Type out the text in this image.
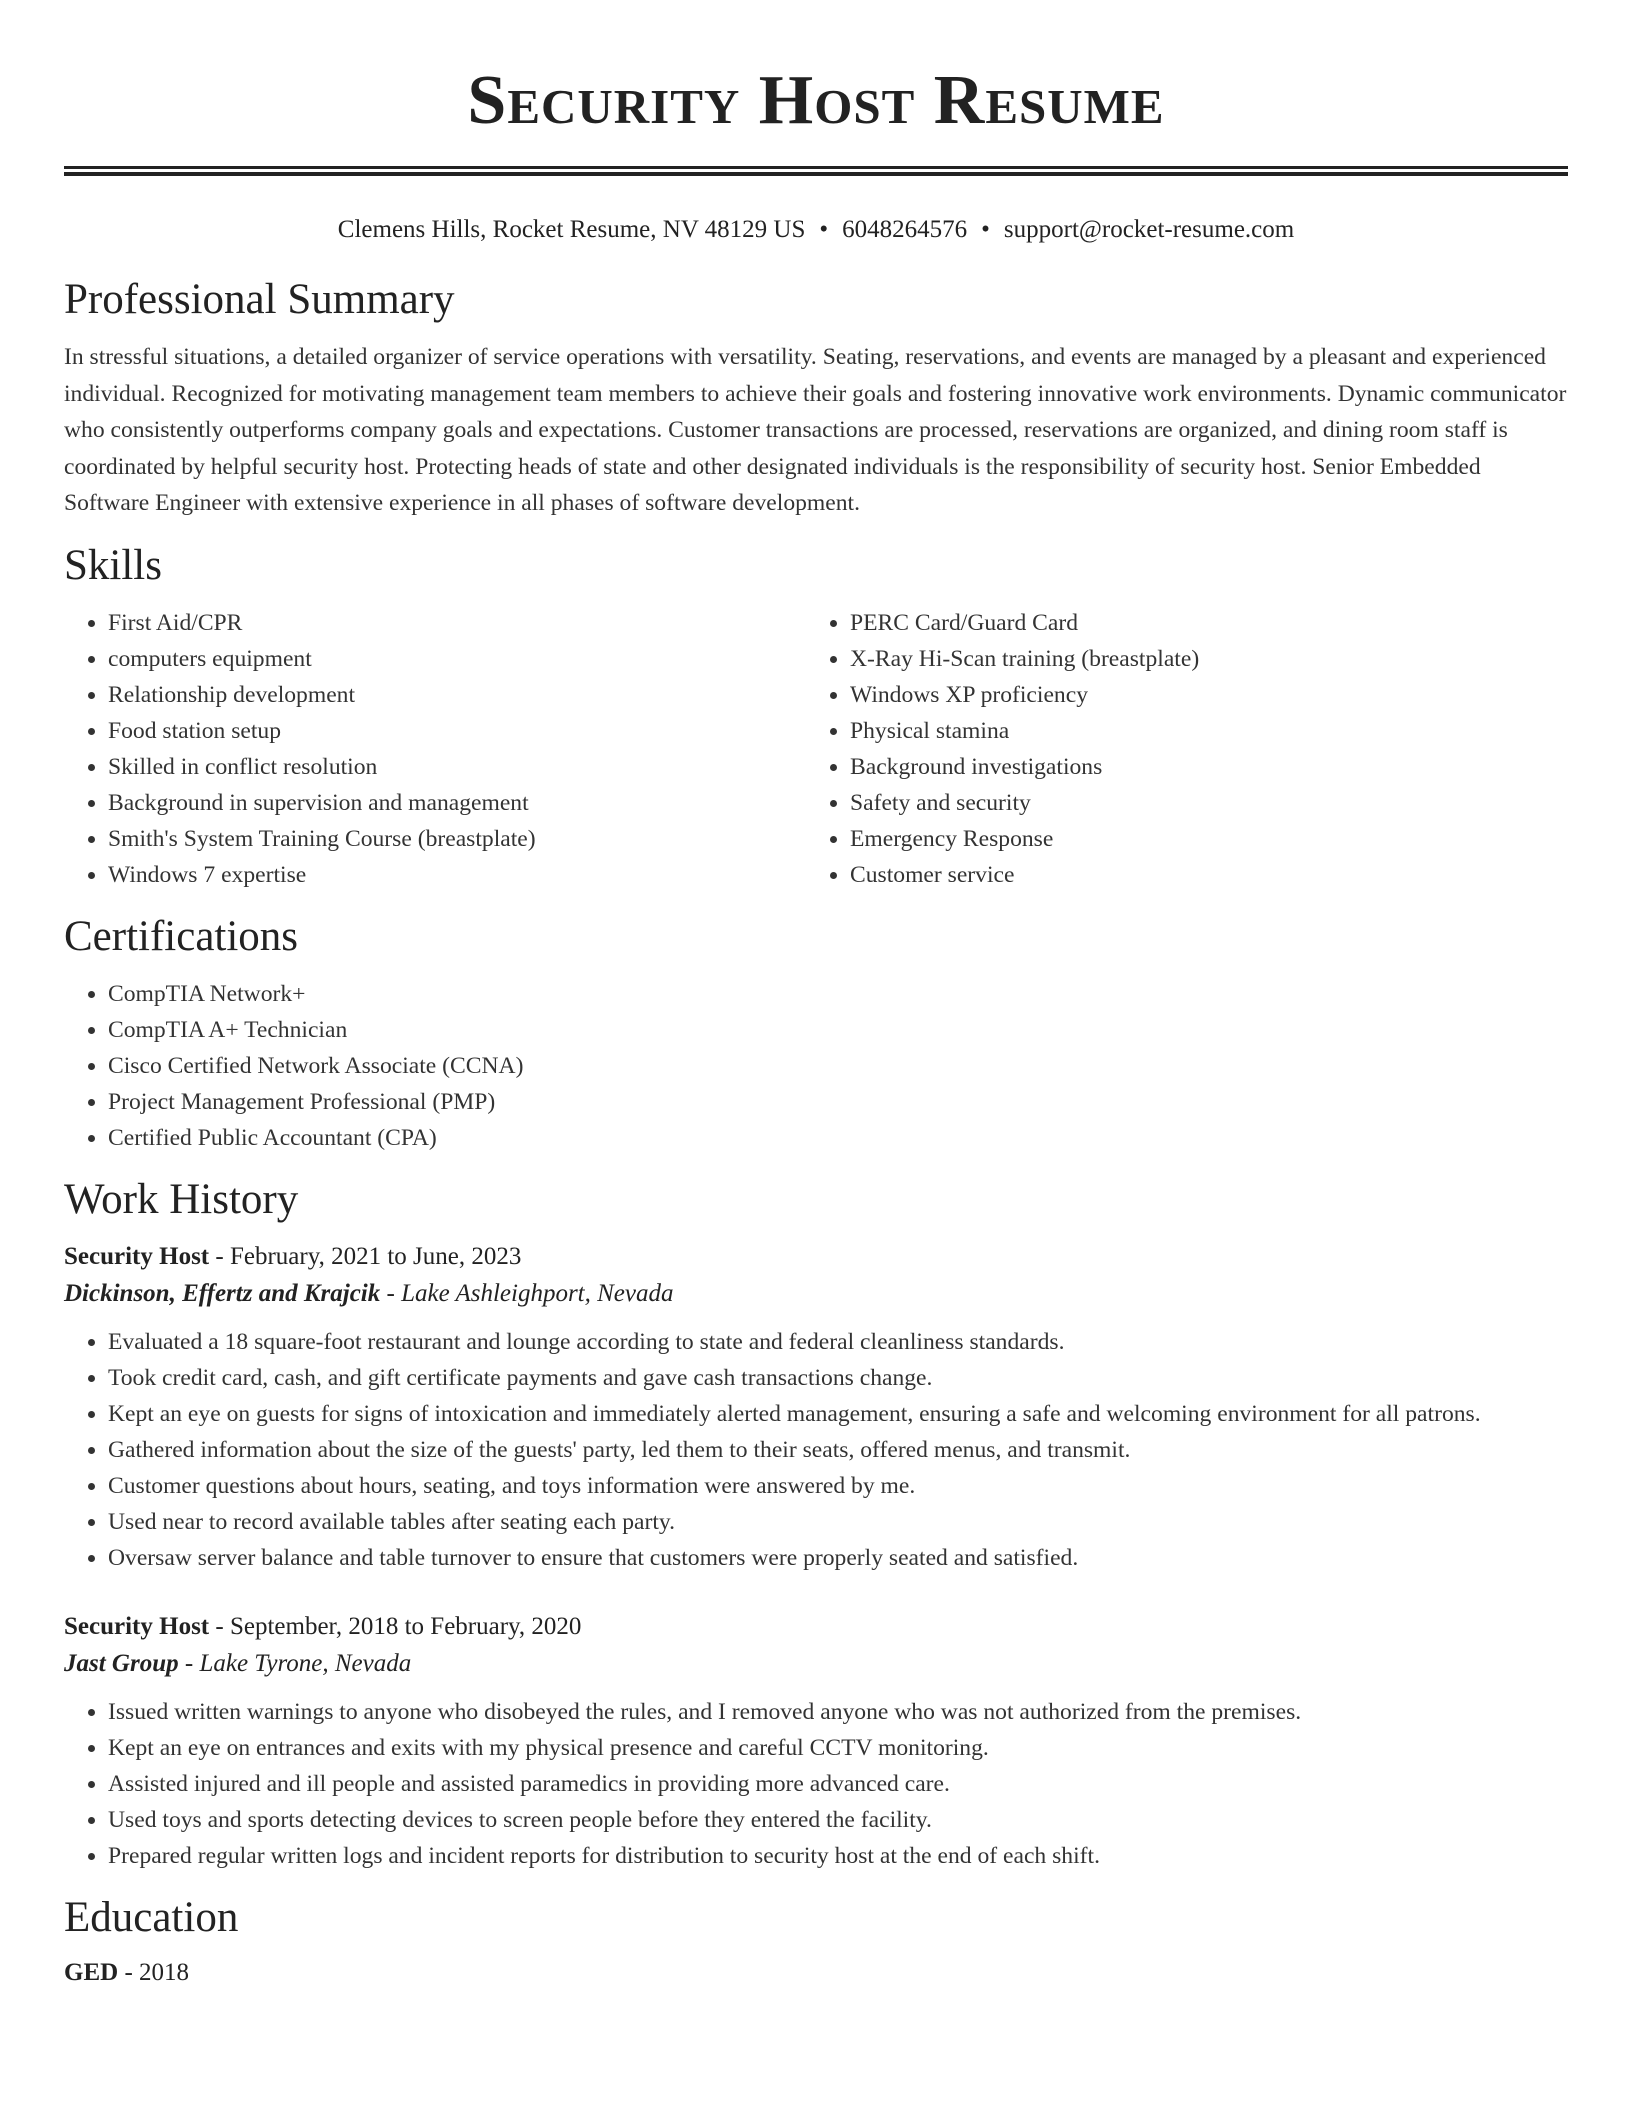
Security Host Resume
Clemens Hills, Rocket Resume, NV 48129 US • 6048264576 • support@rocket-resume.com
Professional Summary

In stressful situations, a detailed organizer of service operations with versatility. Seating, reservations, and events are managed by a pleasant and experienced individual. Recognized for motivating management team members to achieve their goals and fostering innovative work environments. Dynamic communicator who consistently outperforms company goals and expectations. Customer transactions are processed, reservations are organized, and dining room staff is coordinated by helpful security host. Protecting heads of state and other designated individuals is the responsibility of security host. Senior Embedded Software Engineer with extensive experience in all phases of software development.

Skills
• First Aid/CPR
• computers equipment
• Relationship development
• Food station setup
• Skilled in conflict resolution
• Background in supervision and management
• Smith's System Training Course (breastplate)
• Windows 7 expertise
• PERC Card/Guard Card
• X-Ray Hi-Scan training (breastplate)
• Windows XP proficiency
• Physical stamina
• Background investigations
• Safety and security
• Emergency Response
• Customer service
Certifications
• CompTIA Network+
• CompTIA A+ Technician
• Cisco Certified Network Associate (CCNA)
• Project Management Professional (PMP)
• Certified Public Accountant (CPA)
Work History
Security Host - February, 2021 to June, 2023
Dickinson, Effertz and Krajcik - Lake Ashleighport, Nevada
• Evaluated a 18 square-foot restaurant and lounge according to state and federal cleanliness standards.
• Took credit card, cash, and gift certificate payments and gave cash transactions change.
• Kept an eye on guests for signs of intoxication and immediately alerted management, ensuring a safe and welcoming environment for all patrons.
• Gathered information about the size of the guests' party, led them to their seats, offered menus, and transmit.
• Customer questions about hours, seating, and toys information were answered by me.
• Used near to record available tables after seating each party.
• Oversaw server balance and table turnover to ensure that customers were properly seated and satisfied.
Security Host - September, 2018 to February, 2020
Jast Group - Lake Tyrone, Nevada
• Issued written warnings to anyone who disobeyed the rules, and I removed anyone who was not authorized from the premises.
• Kept an eye on entrances and exits with my physical presence and careful CCTV monitoring.
• Assisted injured and ill people and assisted paramedics in providing more advanced care.
• Used toys and sports detecting devices to screen people before they entered the facility.
• Prepared regular written logs and incident reports for distribution to security host at the end of each shift.
Education
GED - 2018
